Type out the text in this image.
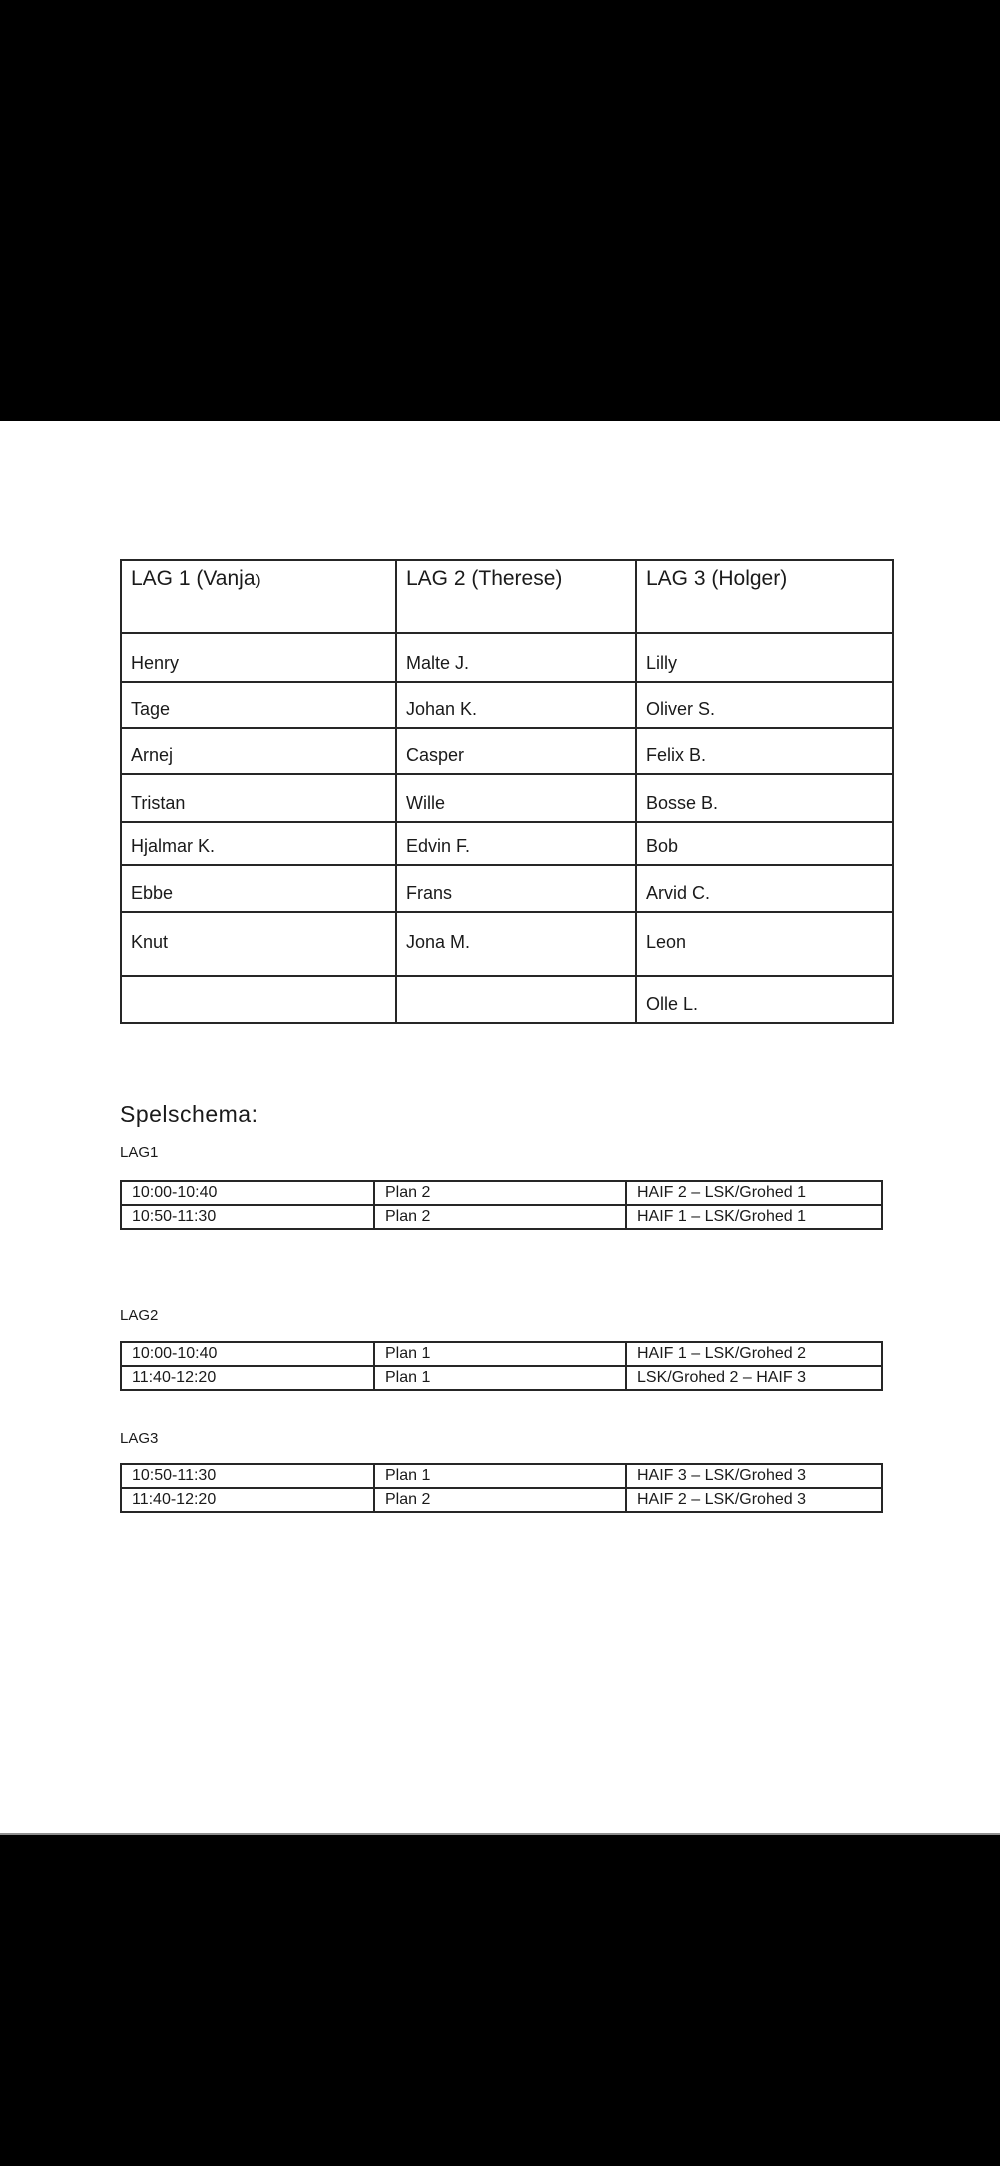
LAG 1 (Vanja)	LAG 2 (Therese)	LAG 3 (Holger)
Henry	Malte J.	Lilly
Tage	Johan K.	Oliver S.
Arnej	Casper	Felix B.
Tristan	Wille	Bosse B.
Hjalmar K.	Edvin F.	Bob
Ebbe	Frans	Arvid C.
Knut	Jona M.	Leon
		Olle L.
Spelschema:
LAG1
10:00-10:40	Plan 2	HAIF 2 – LSK/Grohed 1
10:50-11:30	Plan 2	HAIF 1 – LSK/Grohed 1
LAG2
10:00-10:40	Plan 1	HAIF 1 – LSK/Grohed 2
11:40-12:20	Plan 1	LSK/Grohed 2 – HAIF 3
LAG3
10:50-11:30	Plan 1	HAIF 3 – LSK/Grohed 3
11:40-12:20	Plan 2	HAIF 2 – LSK/Grohed 3
